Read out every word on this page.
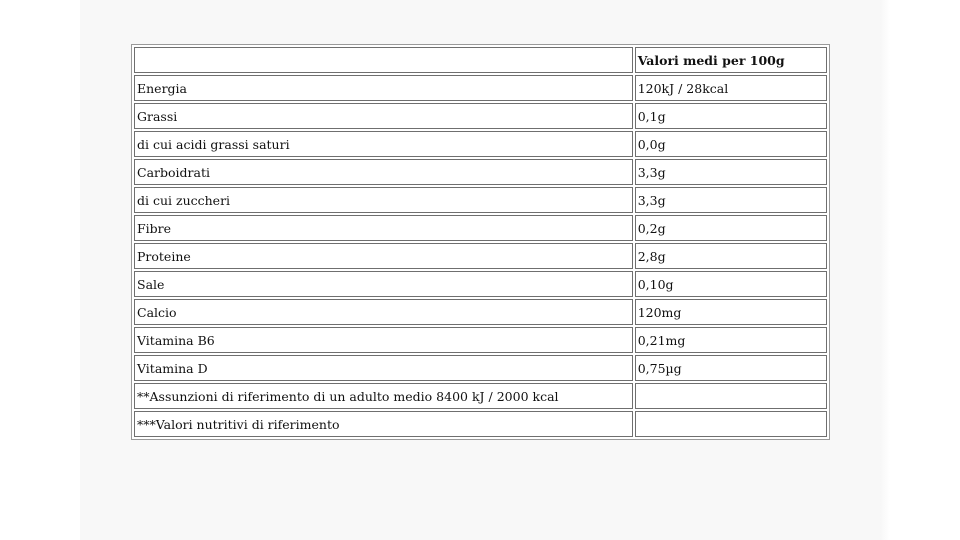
	Valori medi per 100g
Energia	120kJ / 28kcal
Grassi	0,1g
di cui acidi grassi saturi	0,0g
Carboidrati	3,3g
di cui zuccheri	3,3g
Fibre	0,2g
Proteine	2,8g
Sale	0,10g
Calcio	120mg
Vitamina B6	0,21mg
Vitamina D	0,75µg
**Assunzioni di riferimento di un adulto medio 8400 kJ / 2000 kcal	
***Valori nutritivi di riferimento	
